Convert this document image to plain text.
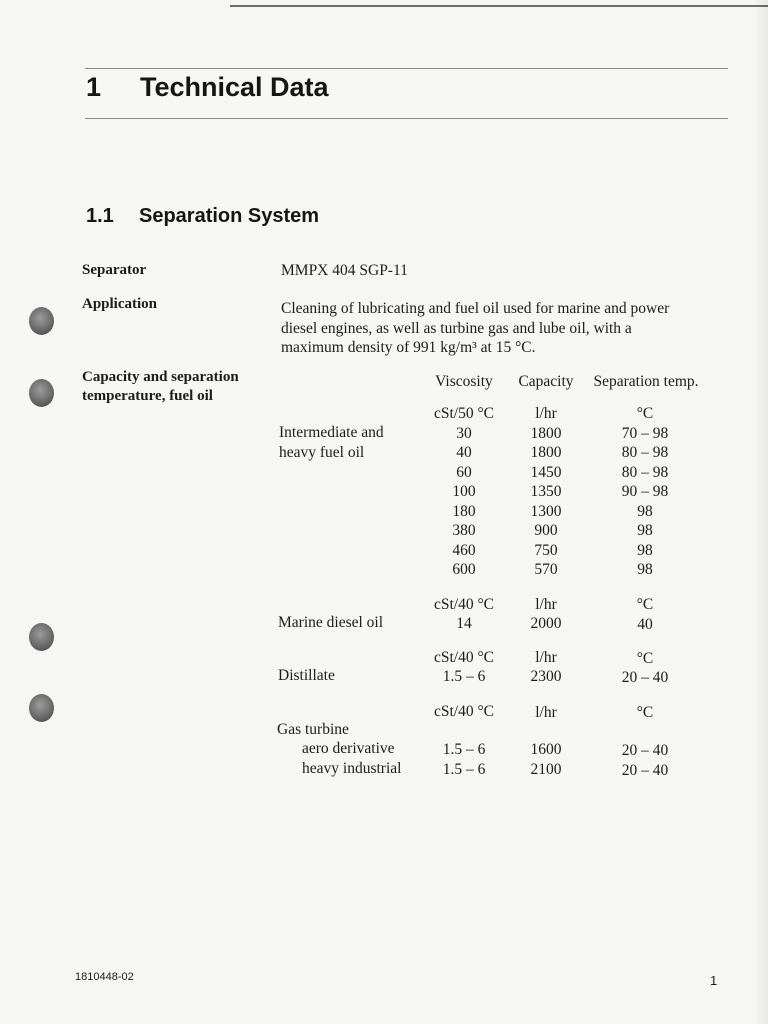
1 Technical Data
1.1 Separation System
Separator	MMPX 404 SGP-11
Application	Cleaning of lubricating and fuel oil used for marine and power
diesel engines, as well as turbine gas and lube oil, with a
maximum density of 991 kg/m³ at 15 °C.
Capacity and separation
temperature, fuel oil
Viscosity	Capacity	Separation temp.
cSt/50 °C	l/hr	°C
Intermediate and
heavy fuel oil
30	1800	70 – 98
40	1800	80 – 98
60	1450	80 – 98
100	1350	90 – 98
180	1300	98
380	900	98
460	750	98
600	570	98
cSt/40 °C	l/hr	°C
Marine diesel oil	14	2000	40
cSt/40 °C	l/hr	°C
Distillate	1.5 – 6	2300	20 – 40
cSt/40 °C	l/hr	°C
Gas turbine
aero derivative	1.5 – 6	1600	20 – 40
heavy industrial	1.5 – 6	2100	20 – 40
1810448-02	1
